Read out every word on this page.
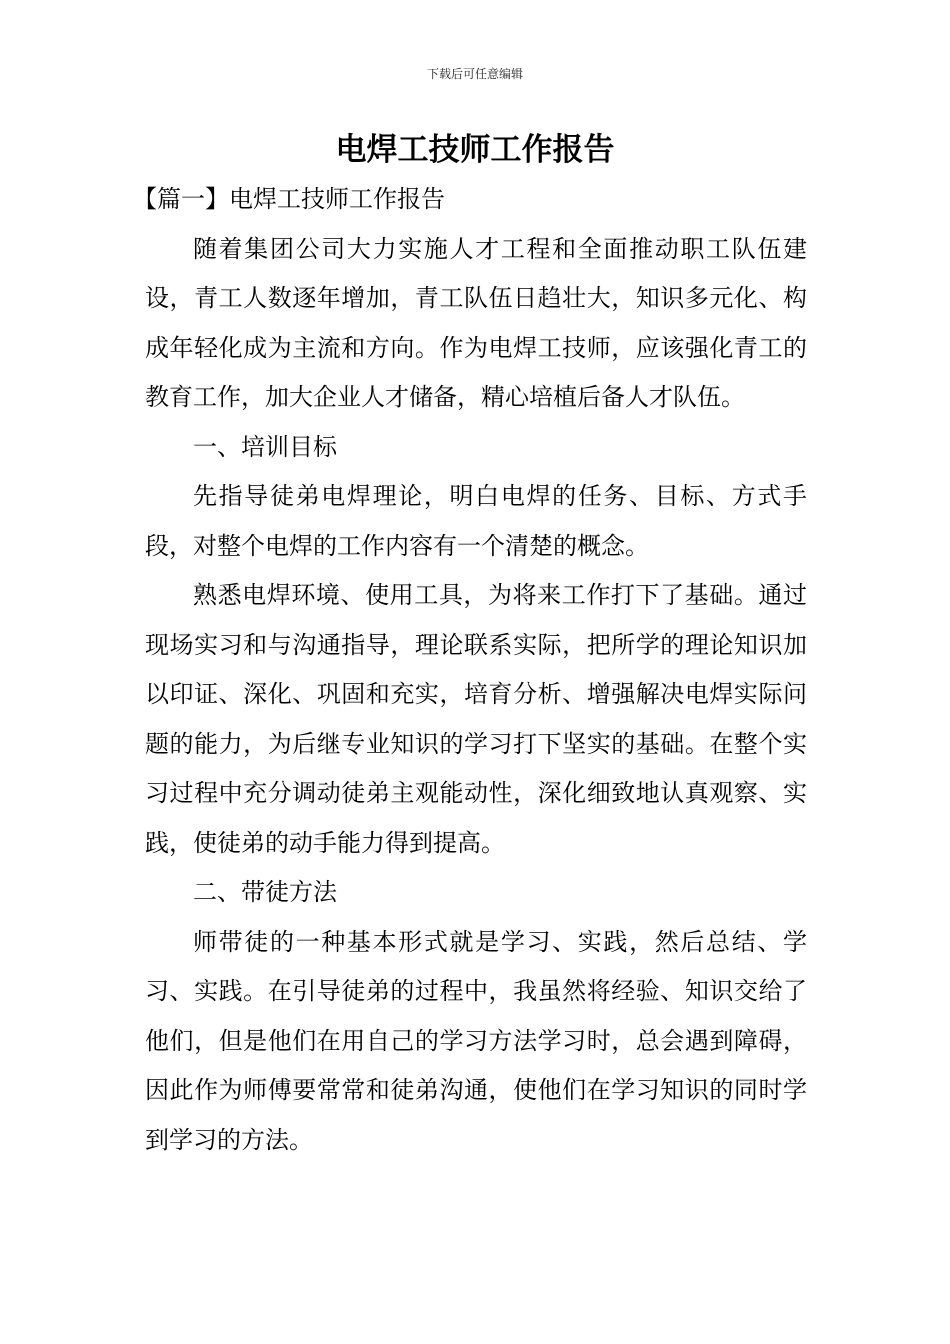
下载后可任意编辑
电焊工技师工作报告

【篇一】电焊工技师工作报告

随着集团公司大力实施人才工程和全面推动职工队伍建设，青工人数逐年增加，青工队伍日趋壮大，知识多元化、构成年轻化成为主流和方向。作为电焊工技师，应该强化青工的教育工作，加大企业人才储备，精心培植后备人才队伍。

一、培训目标

先指导徒弟电焊理论，明白电焊的任务、目标、方式手段，对整个电焊的工作内容有一个清楚的概念。

熟悉电焊环境、使用工具，为将来工作打下了基础。通过现场实习和与沟通指导，理论联系实际，把所学的理论知识加以印证、深化、巩固和充实，培育分析、增强解决电焊实际问题的能力，为后继专业知识的学习打下坚实的基础。在整个实习过程中充分调动徒弟主观能动性，深化细致地认真观察、实践，使徒弟的动手能力得到提高。

二、带徒方法

师带徒的一种基本形式就是学习、实践，然后总结、学习、实践。在引导徒弟的过程中，我虽然将经验、知识交给了他们，但是他们在用自己的学习方法学习时，总会遇到障碍，因此作为师傅要常常和徒弟沟通，使他们在学习知识的同时学到学习的方法。
